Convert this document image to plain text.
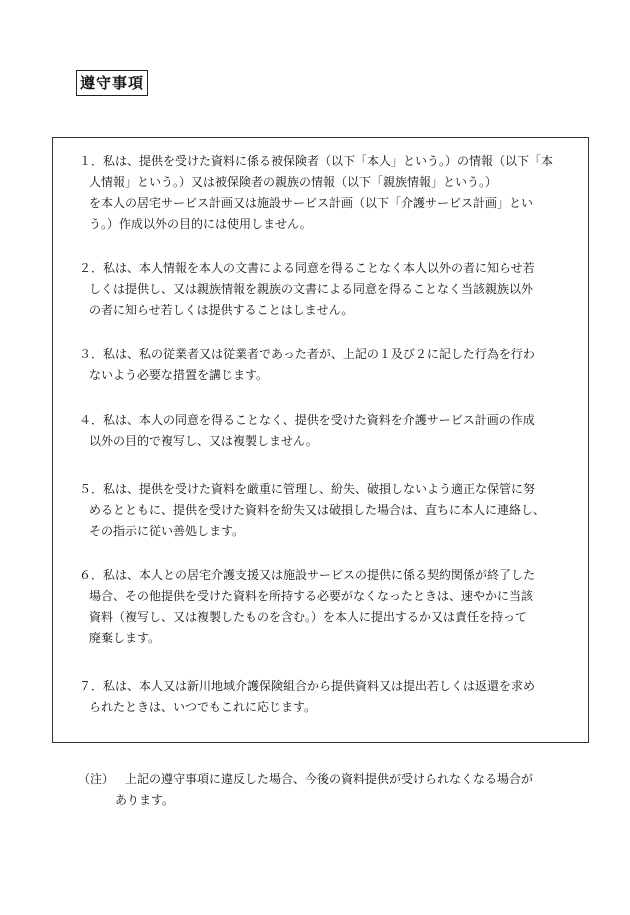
遵守事項
１．私は、提供を受けた資料に係る被保険者（以下「本人」という。）の情報（以下「本
人情報」という。）又は被保険者の親族の情報（以下「親族情報」という。）
を本人の居宅サービス計画又は施設サービス計画（以下「介護サービス計画」とい
う。）作成以外の目的には使用しません。
２．私は、本人情報を本人の文書による同意を得ることなく本人以外の者に知らせ若
しくは提供し、又は親族情報を親族の文書による同意を得ることなく当該親族以外
の者に知らせ若しくは提供することはしません。
３．私は、私の従業者又は従業者であった者が、上記の１及び２に記した行為を行わ
ないよう必要な措置を講じます。
４．私は、本人の同意を得ることなく、提供を受けた資料を介護サービス計画の作成
以外の目的で複写し、又は複製しません。
５．私は、提供を受けた資料を厳重に管理し、紛失、破損しないよう適正な保管に努
めるとともに、提供を受けた資料を紛失又は破損した場合は、直ちに本人に連絡し、
その指示に従い善処します。
６．私は、本人との居宅介護支援又は施設サービスの提供に係る契約関係が終了した
場合、その他提供を受けた資料を所持する必要がなくなったときは、速やかに当該
資料（複写し、又は複製したものを含む。）を本人に提出するか又は責任を持って
廃棄します。
７．私は、本人又は新川地域介護保険組合から提供資料又は提出若しくは返還を求め
られたときは、いつでもこれに応じます。
（注） 上記の遵守事項に違反した場合、今後の資料提供が受けられなくなる場合が
あります。
